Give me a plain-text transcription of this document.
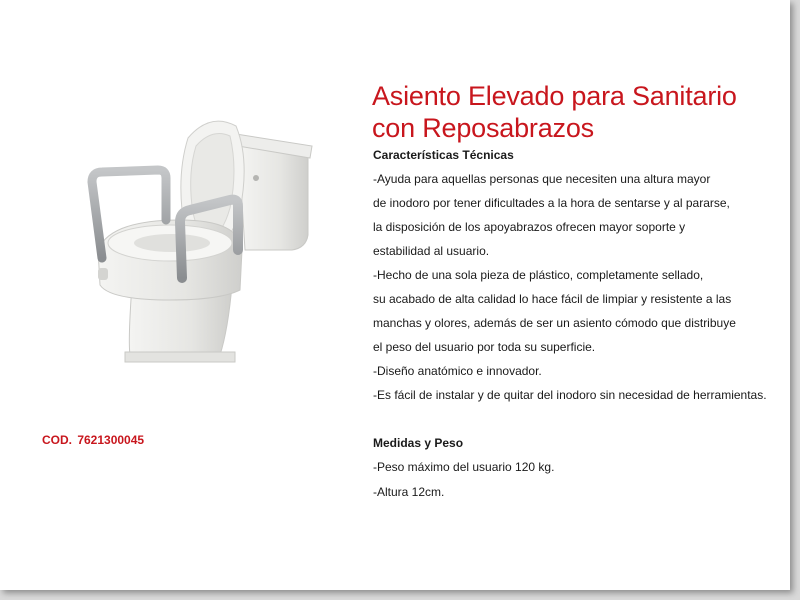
Asiento Elevado para Sanitario
con Reposabrazos
Características Técnicas
-Ayuda para aquellas personas que necesiten una altura mayor
de inodoro por tener dificultades a la hora de sentarse y al pararse,
la disposición de los apoyabrazos ofrecen mayor soporte y
estabilidad al usuario.
-Hecho de una sola pieza de plástico, completamente sellado,
su acabado de alta calidad lo hace fácil de limpiar y resistente a las
manchas y olores, además de ser un asiento cómodo que distribuye
el peso del usuario por toda su superficie.
-Diseño anatómico e innovador.
-Es fácil de instalar y de quitar del inodoro sin necesidad de herramientas.
COD. 7621300045	Medidas y Peso
-Peso máximo del usuario 120 kg.
-Altura 12cm.
